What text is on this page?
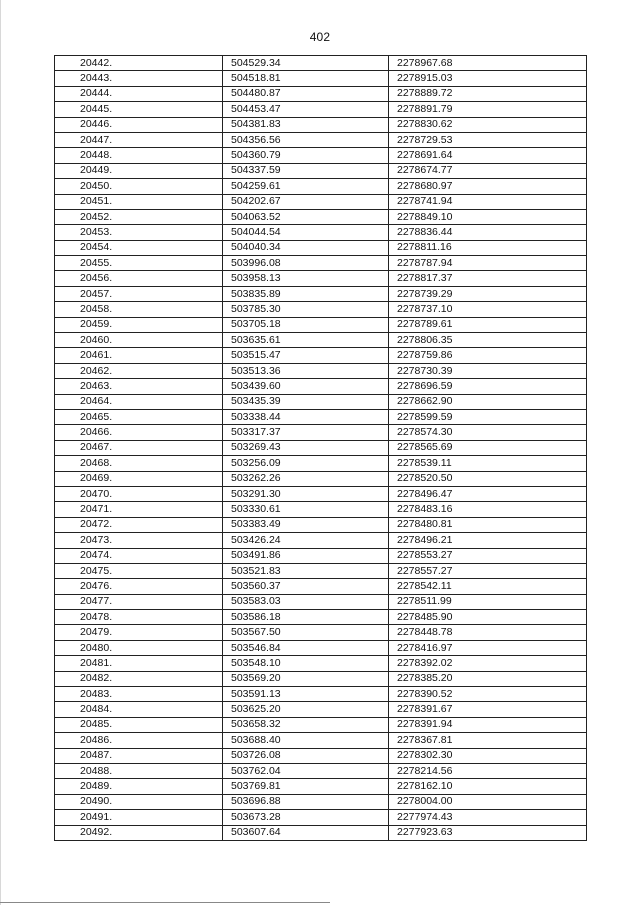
402
20442.	504529.34	2278967.68
20443.	504518.81	2278915.03
20444.	504480.87	2278889.72
20445.	504453.47	2278891.79
20446.	504381.83	2278830.62
20447.	504356.56	2278729.53
20448.	504360.79	2278691.64
20449.	504337.59	2278674.77
20450.	504259.61	2278680.97
20451.	504202.67	2278741.94
20452.	504063.52	2278849.10
20453.	504044.54	2278836.44
20454.	504040.34	2278811.16
20455.	503996.08	2278787.94
20456.	503958.13	2278817.37
20457.	503835.89	2278739.29
20458.	503785.30	2278737.10
20459.	503705.18	2278789.61
20460.	503635.61	2278806.35
20461.	503515.47	2278759.86
20462.	503513.36	2278730.39
20463.	503439.60	2278696.59
20464.	503435.39	2278662.90
20465.	503338.44	2278599.59
20466.	503317.37	2278574.30
20467.	503269.43	2278565.69
20468.	503256.09	2278539.11
20469.	503262.26	2278520.50
20470.	503291.30	2278496.47
20471.	503330.61	2278483.16
20472.	503383.49	2278480.81
20473.	503426.24	2278496.21
20474.	503491.86	2278553.27
20475.	503521.83	2278557.27
20476.	503560.37	2278542.11
20477.	503583.03	2278511.99
20478.	503586.18	2278485.90
20479.	503567.50	2278448.78
20480.	503546.84	2278416.97
20481.	503548.10	2278392.02
20482.	503569.20	2278385.20
20483.	503591.13	2278390.52
20484.	503625.20	2278391.67
20485.	503658.32	2278391.94
20486.	503688.40	2278367.81
20487.	503726.08	2278302.30
20488.	503762.04	2278214.56
20489.	503769.81	2278162.10
20490.	503696.88	2278004.00
20491.	503673.28	2277974.43
20492.	503607.64	2277923.63
